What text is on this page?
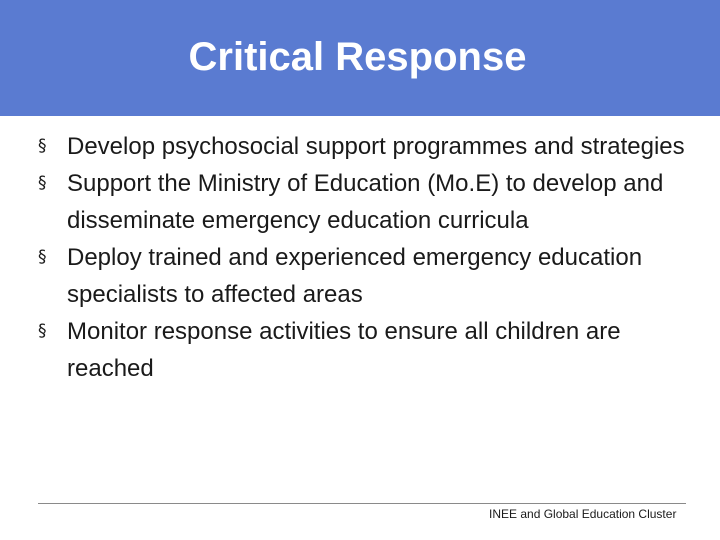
Critical Response
§ Develop psychosocial support programmes and strategies
§ Support the Ministry of Education (Mo.E) to develop and disseminate emergency education curricula
§ Deploy trained and experienced emergency education specialists to affected areas
§ Monitor response activities to ensure all children are reached
INEE and Global Education Cluster
